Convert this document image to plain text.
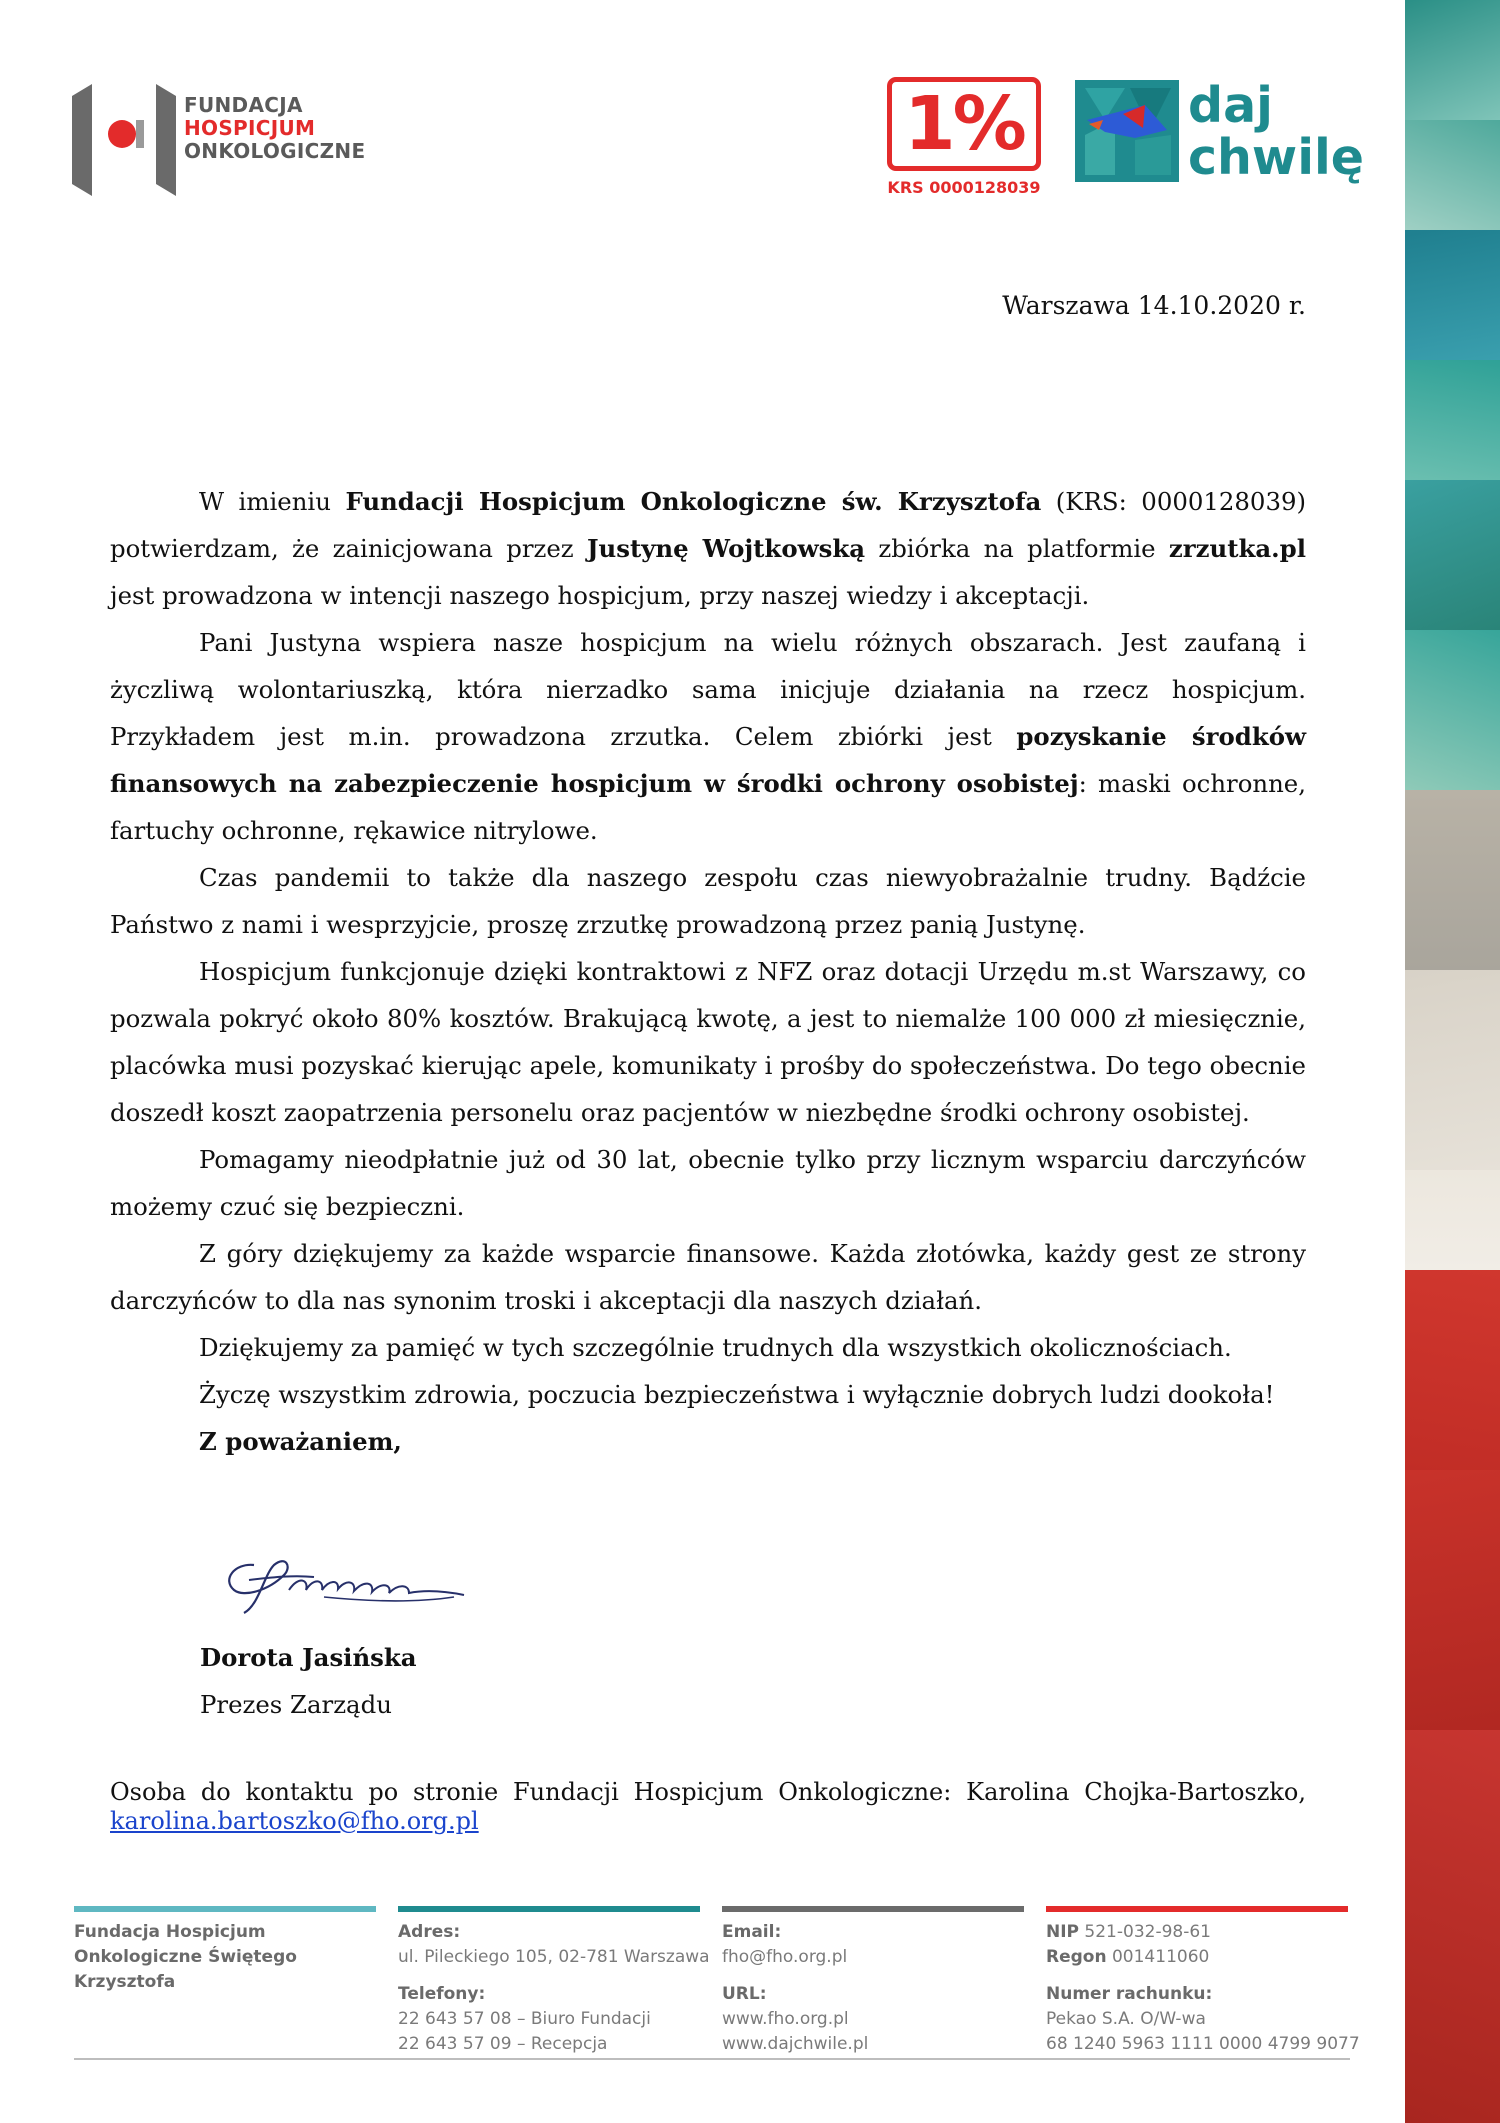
FUNDACJA
HOSPICJUM
ONKOLOGICZNE	1%
KRS 0000128039
daj
chwilę
Warszawa 14.10.2020 r.

W imieniu Fundacji Hospicjum Onkologiczne św. Krzysztofa (KRS: 0000128039) potwierdzam, że zainicjowana przez Justynę Wojtkowską zbiórka na platformie zrzutka.pl jest prowadzona w intencji naszego hospicjum, przy naszej wiedzy i akceptacji.

Pani Justyna wspiera nasze hospicjum na wielu różnych obszarach. Jest zaufaną i życzliwą wolontariuszką, która nierzadko sama inicjuje działania na rzecz hospicjum. Przykładem jest m.in. prowadzona zrzutka. Celem zbiórki jest pozyskanie środków finansowych na zabezpieczenie hospicjum w środki ochrony osobistej: maski ochronne, fartuchy ochronne, rękawice nitrylowe.

Czas pandemii to także dla naszego zespołu czas niewyobrażalnie trudny. Bądźcie Państwo z nami i wesprzyjcie, proszę zrzutkę prowadzoną przez panią Justynę.

Hospicjum funkcjonuje dzięki kontraktowi z NFZ oraz dotacji Urzędu m.st Warszawy, co pozwala pokryć około 80% kosztów. Brakującą kwotę, a jest to niemalże 100 000 zł miesięcznie, placówka musi pozyskać kierując apele, komunikaty i prośby do społeczeństwa. Do tego obecnie doszedł koszt zaopatrzenia personelu oraz pacjentów w niezbędne środki ochrony osobistej.

Pomagamy nieodpłatnie już od 30 lat, obecnie tylko przy licznym wsparciu darczyńców możemy czuć się bezpieczni.

Z góry dziękujemy za każde wsparcie finansowe. Każda złotówka, każdy gest ze strony darczyńców to dla nas synonim troski i akceptacji dla naszych działań.

Dziękujemy za pamięć w tych szczególnie trudnych dla wszystkich okolicznościach.

Życzę wszystkim zdrowia, poczucia bezpieczeństwa i wyłącznie dobrych ludzi dookoła!

Z poważaniem,

Dorota Jasińska
Prezes Zarządu
Osoba do kontaktu po stronie Fundacji Hospicjum Onkologiczne: Karolina Chojka-Bartoszko,
karolina.bartoszko@fho.org.pl
Fundacja Hospicjum
Onkologiczne Świętego
Krzysztofa
Adres:
ul. Pileckiego 105, 02-781 Warszawa
Telefony:
22 643 57 08 – Biuro Fundacji
22 643 57 09 – Recepcja
Email:
fho@fho.org.pl
URL:
www.fho.org.pl
www.dajchwile.pl
NIP 521-032-98-61
Regon 001411060
Numer rachunku:
Pekao S.A. O/W-wa
68 1240 5963 1111 0000 4799 9077
